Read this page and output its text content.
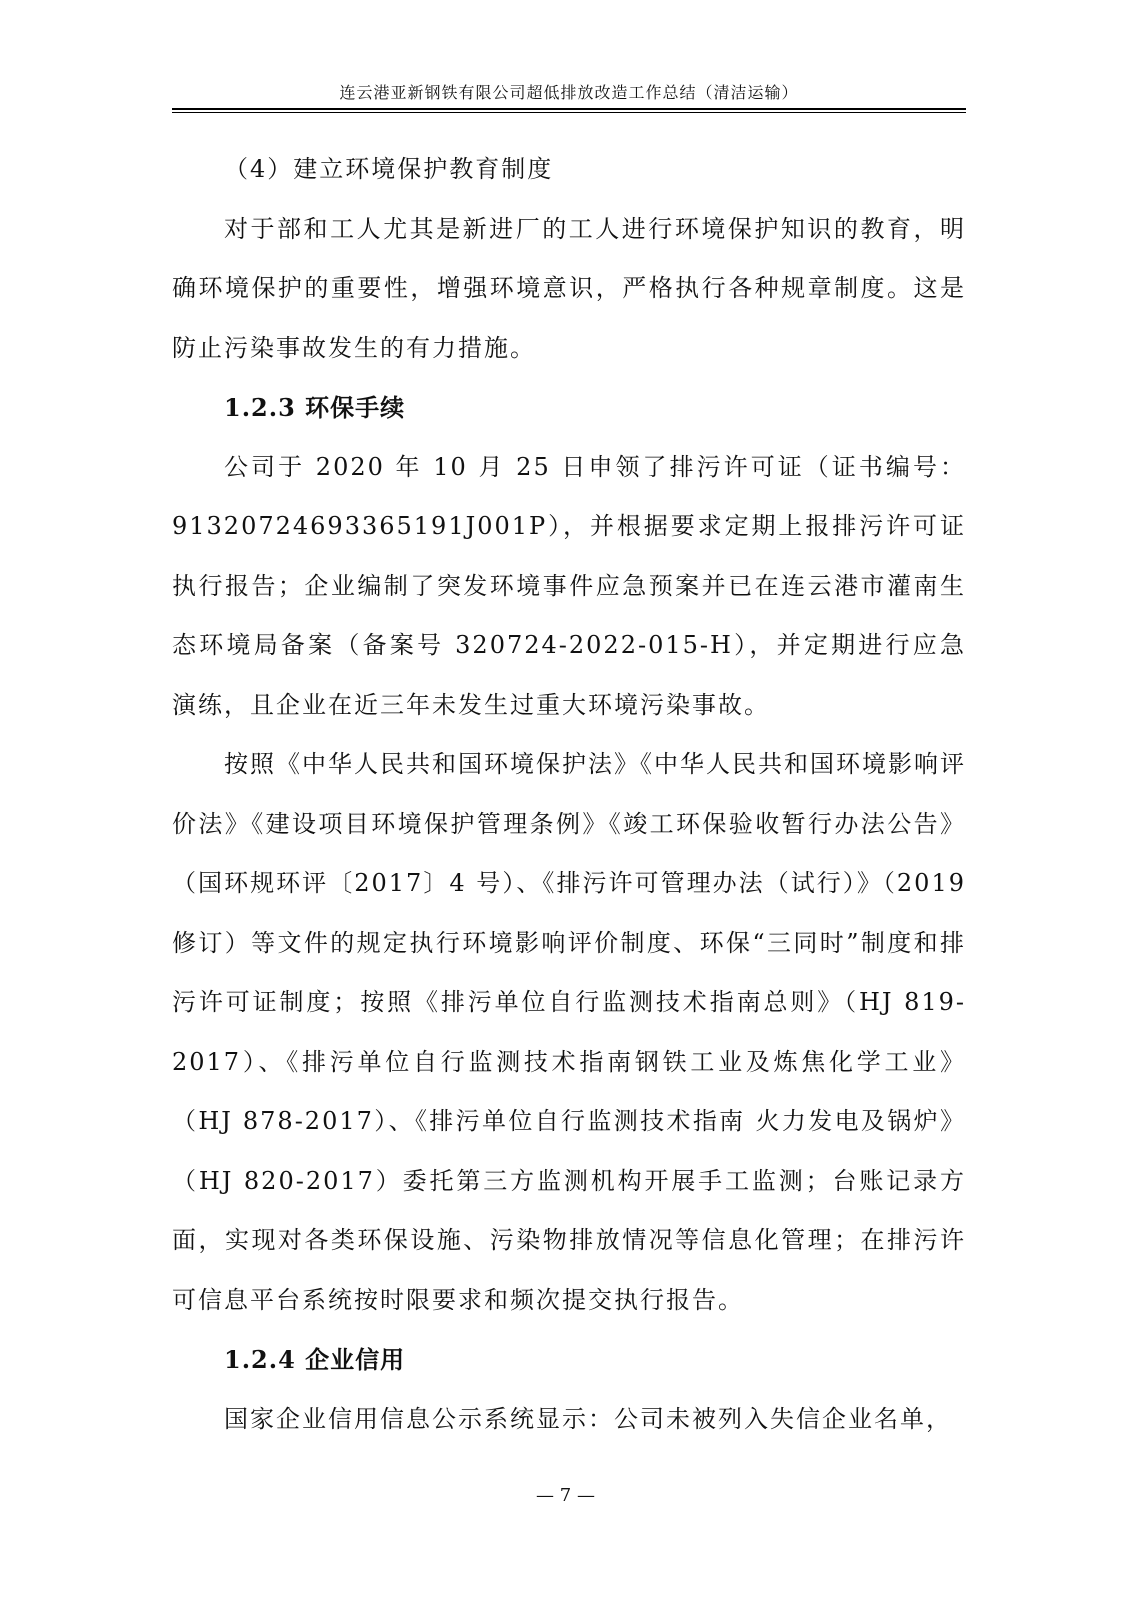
连云港亚新钢铁有限公司超低排放改造工作总结（清洁运输）

（4）建立环境保护教育制度

对于部和工人尤其是新进厂的工人进行环境保护知识的教育，明确环境保护的重要性，增强环境意识，严格执行各种规章制度。这是防止污染事故发生的有力措施。

1.2.3 环保手续

公司于 2020 年 10 月 25 日申领了排污许可证（证书编号：91320724693365191J001P），并根据要求定期上报排污许可证执行报告；企业编制了突发环境事件应急预案并已在连云港市灌南生态环境局备案（备案号 320724-2022-015-H），并定期进行应急演练，且企业在近三年未发生过重大环境污染事故。

按照《中华人民共和国环境保护法》《中华人民共和国环境影响评价法》《建设项目环境保护管理条例》《竣工环保验收暂行办法公告》（国环规环评〔2017〕4 号）、《排污许可管理办法（试行）》（2019 修订）等文件的规定执行环境影响评价制度、环保“三同时”制度和排污许可证制度；按照《排污单位自行监测技术指南总则》（HJ 819-2017）、《排污单位自行监测技术指南钢铁工业及炼焦化学工业》（HJ 878-2017）、《排污单位自行监测技术指南 火力发电及锅炉》（HJ 820-2017）委托第三方监测机构开展手工监测；台账记录方面，实现对各类环保设施、污染物排放情况等信息化管理；在排污许可信息平台系统按时限要求和频次提交执行报告。

1.2.4 企业信用

国家企业信用信息公示系统显示：公司未被列入失信企业名单，

— 7 —
